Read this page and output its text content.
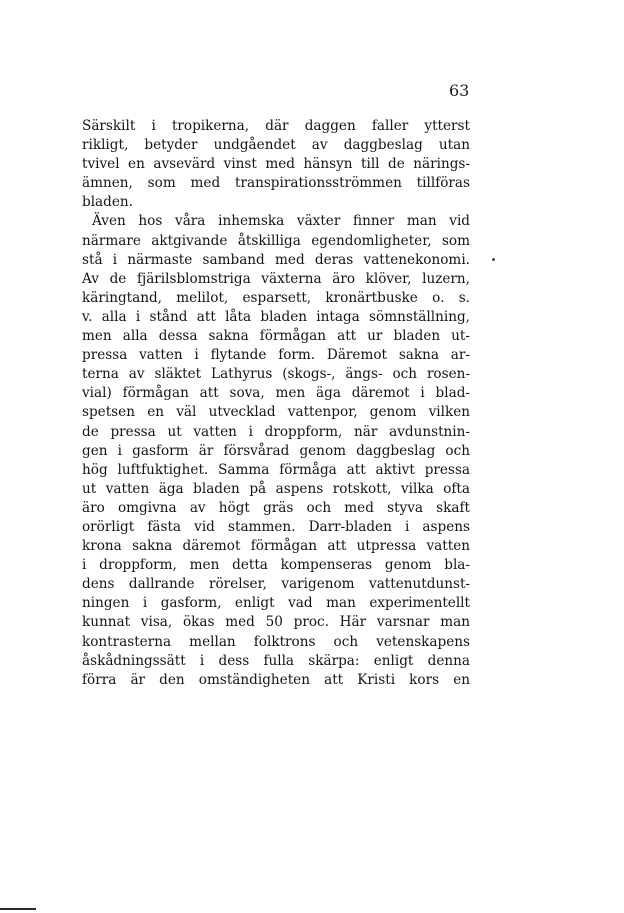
63
Särskilt i tropikerna, där daggen faller ytterst
rikligt, betyder undgåendet av daggbeslag utan
tvivel en avsevärd vinst med hänsyn till de närings-
ämnen, som med transpirationsströmmen tillföras
bladen.
Även hos våra inhemska växter finner man vid
närmare aktgivande åtskilliga egendomligheter, som
stå i närmaste samband med deras vattenekonomi.
Av de fjärilsblomstriga växterna äro klöver, luzern,
käringtand, melilot, esparsett, kronärtbuske o. s.
v. alla i stånd att låta bladen intaga sömnställning,
men alla dessa sakna förmågan att ur bladen ut-
pressa vatten i flytande form. Däremot sakna ar-
terna av släktet Lathyrus (skogs-, ängs- och rosen-
vial) förmågan att sova, men äga däremot i blad-
spetsen en väl utvecklad vattenpor, genom vilken
de pressa ut vatten i droppform, när avdunstnin-
gen i gasform är försvårad genom daggbeslag och
hög luftfuktighet. Samma förmåga att aktivt pressa
ut vatten äga bladen på aspens rotskott, vilka ofta
äro omgivna av högt gräs och med styva skaft
orörligt fästa vid stammen. Darr-bladen i aspens
krona sakna däremot förmågan att utpressa vatten
i droppform, men detta kompenseras genom bla-
dens dallrande rörelser, varigenom vattenutdunst-
ningen i gasform, enligt vad man experimentellt
kunnat visa, ökas med 50 proc. Här varsnar man
kontrasterna mellan folktrons och vetenskapens
åskådningssätt i dess fulla skärpa: enligt denna
förra är den omständigheten att Kristi kors en
